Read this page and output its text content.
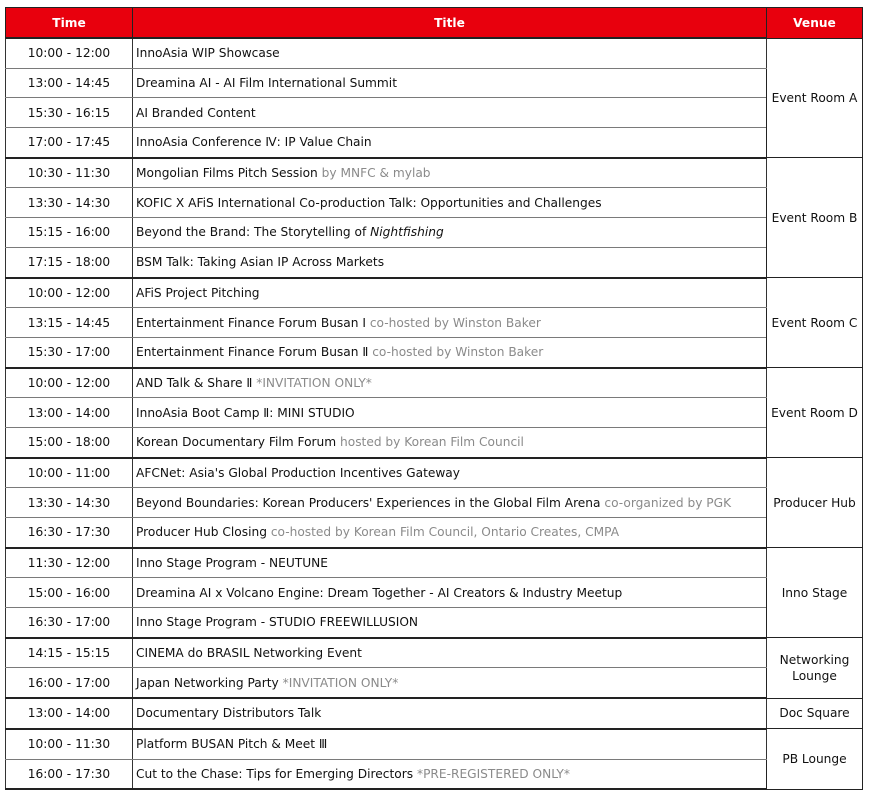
Time	Title	Venue
10:00 - 12:00	InnoAsia WIP Showcase	Event Room A
13:00 - 14:45	Dreamina AI - AI Film International Summit	
15:30 - 16:15	AI Branded Content	
17:00 - 17:45	InnoAsia Conference Ⅳ: IP Value Chain	
10:30 - 11:30	Mongolian Films Pitch Session by MNFC & mylab	Event Room B
13:30 - 14:30	KOFIC X AFiS International Co-production Talk: Opportunities and Challenges	
15:15 - 16:00	Beyond the Brand: The Storytelling of Nightfishing	
17:15 - 18:00	BSM Talk: Taking Asian IP Across Markets	
10:00 - 12:00	AFiS Project Pitching	Event Room C
13:15 - 14:45	Entertainment Finance Forum Busan Ⅰ co-hosted by Winston Baker	
15:30 - 17:00	Entertainment Finance Forum Busan Ⅱ co-hosted by Winston Baker	
10:00 - 12:00	AND Talk & Share Ⅱ *INVITATION ONLY*	Event Room D
13:00 - 14:00	InnoAsia Boot Camp Ⅱ: MINI STUDIO	
15:00 - 18:00	Korean Documentary Film Forum hosted by Korean Film Council	
10:00 - 11:00	AFCNet: Asia's Global Production Incentives Gateway	Producer Hub
13:30 - 14:30	Beyond Boundaries: Korean Producers' Experiences in the Global Film Arena co-organized by PGK	
16:30 - 17:30	Producer Hub Closing co-hosted by Korean Film Council, Ontario Creates, CMPA	
11:30 - 12:00	Inno Stage Program - NEUTUNE	Inno Stage
15:00 - 16:00	Dreamina AI x Volcano Engine: Dream Together - AI Creators & Industry Meetup	
16:30 - 17:00	Inno Stage Program - STUDIO FREEWILLUSION	
14:15 - 15:15	CINEMA do BRASIL Networking Event	Networking Lounge
16:00 - 17:00	Japan Networking Party *INVITATION ONLY*	
13:00 - 14:00	Documentary Distributors Talk	Doc Square
10:00 - 11:30	Platform BUSAN Pitch & Meet Ⅲ	PB Lounge
16:00 - 17:30	Cut to the Chase: Tips for Emerging Directors *PRE-REGISTERED ONLY*	
